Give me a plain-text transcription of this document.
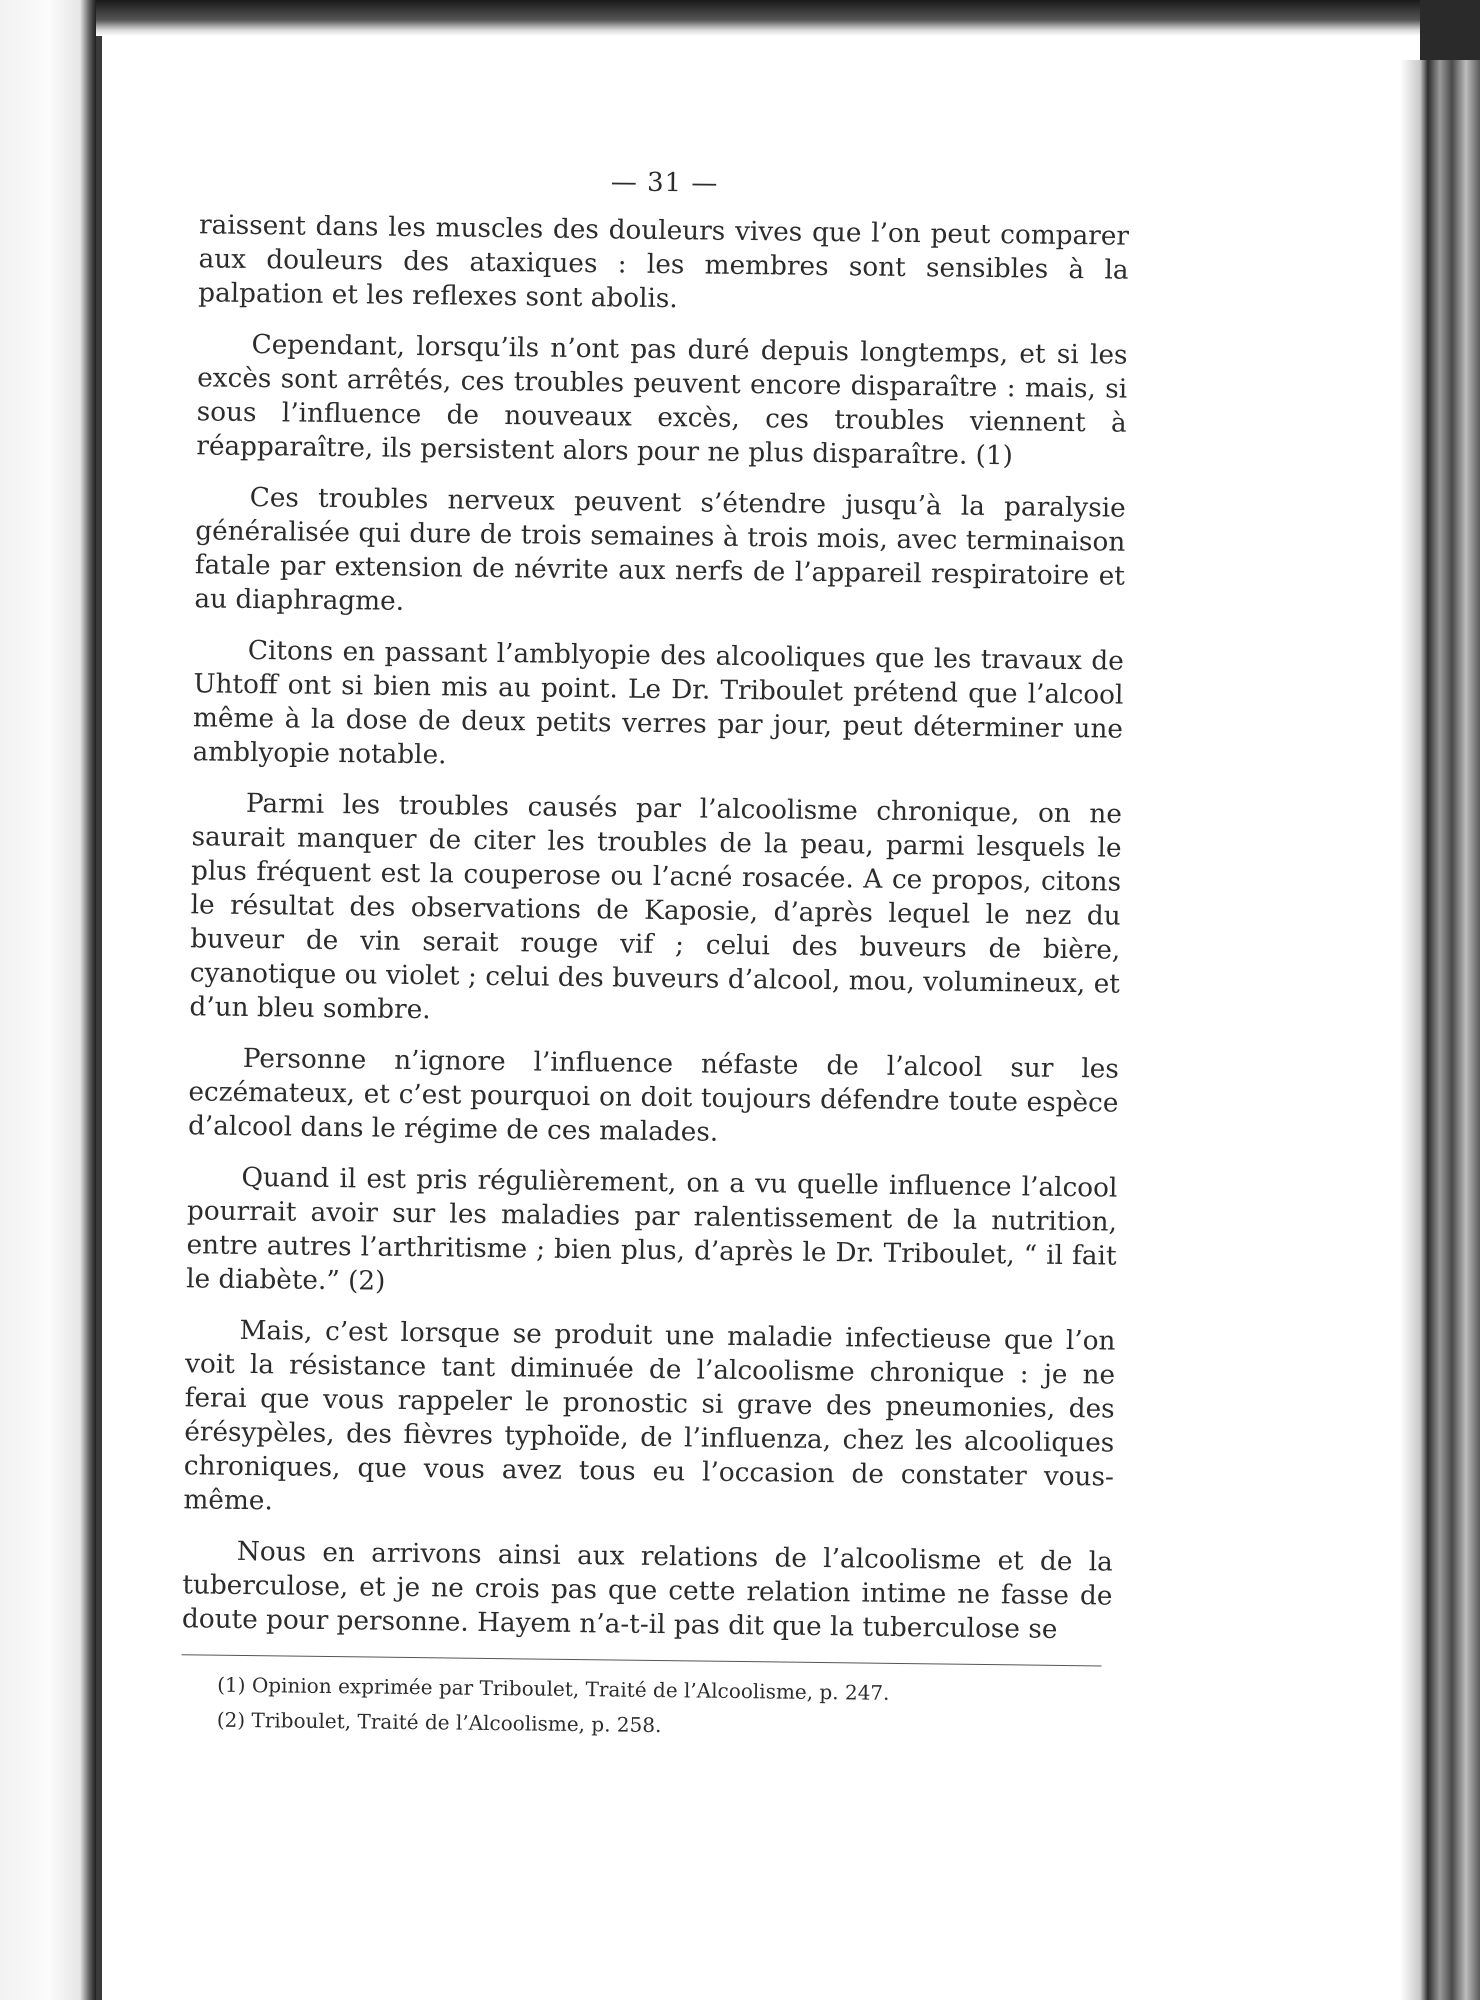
— 31 —

raissent dans les muscles des douleurs vives que l’on peut comparer aux douleurs des ataxiques : les membres sont sensibles à la palpation et les reflexes sont abolis.

Cependant, lorsqu’ils n’ont pas duré depuis longtemps, et si les excès sont arrêtés, ces troubles peuvent encore disparaître : mais, si sous l’influence de nouveaux excès, ces troubles viennent à réapparaître, ils persistent alors pour ne plus disparaître. (1)

Ces troubles nerveux peuvent s’étendre jusqu’à la paralysie généralisée qui dure de trois semaines à trois mois, avec terminaison fatale par extension de névrite aux nerfs de l’appareil respiratoire et au diaphragme.

Citons en passant l’amblyopie des alcooliques que les travaux de Uhtoff ont si bien mis au point. Le Dr. Triboulet prétend que l’alcool même à la dose de deux petits verres par jour, peut déterminer une amblyopie notable.

Parmi les troubles causés par l’alcoolisme chronique, on ne saurait manquer de citer les troubles de la peau, parmi lesquels le plus fréquent est la couperose ou l’acné rosacée. A ce propos, citons le résultat des observations de Kaposie, d’après lequel le nez du buveur de vin serait rouge vif ; celui des buveurs de bière, cyanotique ou violet ; celui des buveurs d’alcool, mou, volumineux, et d’un bleu sombre.

Personne n’ignore l’influence néfaste de l’alcool sur les eczémateux, et c’est pourquoi on doit toujours défendre toute espèce d’alcool dans le régime de ces malades.

Quand il est pris régulièrement, on a vu quelle influence l’alcool pourrait avoir sur les maladies par ralentissement de la nutrition, entre autres l’arthritisme ; bien plus, d’après le Dr. Triboulet, “ il fait le diabète.” (2)

Mais, c’est lorsque se produit une maladie infectieuse que l’on voit la résistance tant diminuée de l’alcoolisme chronique : je ne ferai que vous rappeler le pronostic si grave des pneumonies, des érésypèles, des fièvres typhoïde, de l’influenza, chez les alcooliques chroniques, que vous avez tous eu l’occasion de constater vous-même.

Nous en arrivons ainsi aux relations de l’alcoolisme et de la tuberculose, et je ne crois pas que cette relation intime ne fasse de doute pour personne. Hayem n’a-t-il pas dit que la tuberculose se

(1) Opinion exprimée par Triboulet, Traité de l’Alcoolisme, p. 247.
(2) Triboulet, Traité de l’Alcoolisme, p. 258.
